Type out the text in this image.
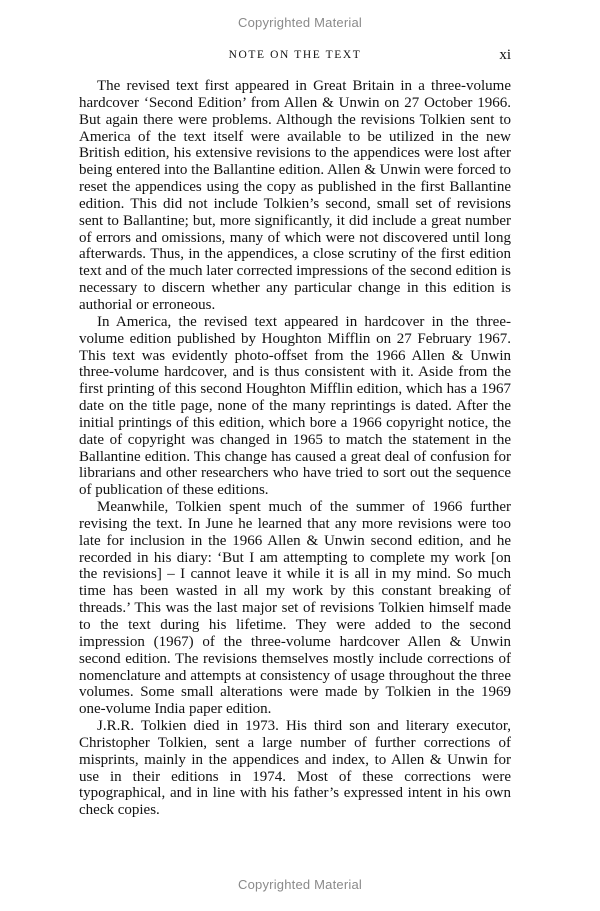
Copyrighted Material
NOTE ON THE TEXT	xi

The revised text first appeared in Great Britain in a three-volume hardcover ‘Second Edition’ from Allen & Unwin on 27 October 1966. But again there were problems. Although the revisions Tolkien sent to America of the text itself were available to be utilized in the new British edition, his extensive revisions to the appendices were lost after being entered into the Ballantine edition. Allen & Unwin were forced to reset the appendices using the copy as published in the first Ballantine edition. This did not include Tolkien’s second, small set of revisions sent to Ballantine; but, more significantly, it did include a great number of errors and omissions, many of which were not discovered until long afterwards. Thus, in the appendices, a close scrutiny of the first edition text and of the much later corrected impressions of the second edition is necessary to discern whether any particular change in this edition is authorial or erroneous.

In America, the revised text appeared in hardcover in the three-volume edition published by Houghton Mifflin on 27 February 1967. This text was evidently photo-offset from the 1966 Allen & Unwin three-volume hardcover, and is thus consistent with it. Aside from the first printing of this second Houghton Mifflin edition, which has a 1967 date on the title page, none of the many reprintings is dated. After the initial printings of this edition, which bore a 1966 copyright notice, the date of copyright was changed in 1965 to match the statement in the Ballantine edition. This change has caused a great deal of confusion for librarians and other researchers who have tried to sort out the sequence of publication of these editions.

Meanwhile, Tolkien spent much of the summer of 1966 further revising the text. In June he learned that any more revisions were too late for inclusion in the 1966 Allen & Unwin second edition, and he recorded in his diary: ‘But I am attempting to complete my work [on the revisions] – I cannot leave it while it is all in my mind. So much time has been wasted in all my work by this constant breaking of threads.’ This was the last major set of revisions Tolkien himself made to the text during his lifetime. They were added to the second impression (1967) of the three-volume hardcover Allen & Unwin second edition. The revisions themselves mostly include corrections of nomenclature and attempts at consistency of usage throughout the three volumes. Some small alterations were made by Tolkien in the 1969 one-volume India paper edition.

J.R.R. Tolkien died in 1973. His third son and literary executor, Christopher Tolkien, sent a large number of further corrections of misprints, mainly in the appendices and index, to Allen & Unwin for use in their editions in 1974. Most of these corrections were typographical, and in line with his father’s expressed intent in his own check copies.

Copyrighted Material
